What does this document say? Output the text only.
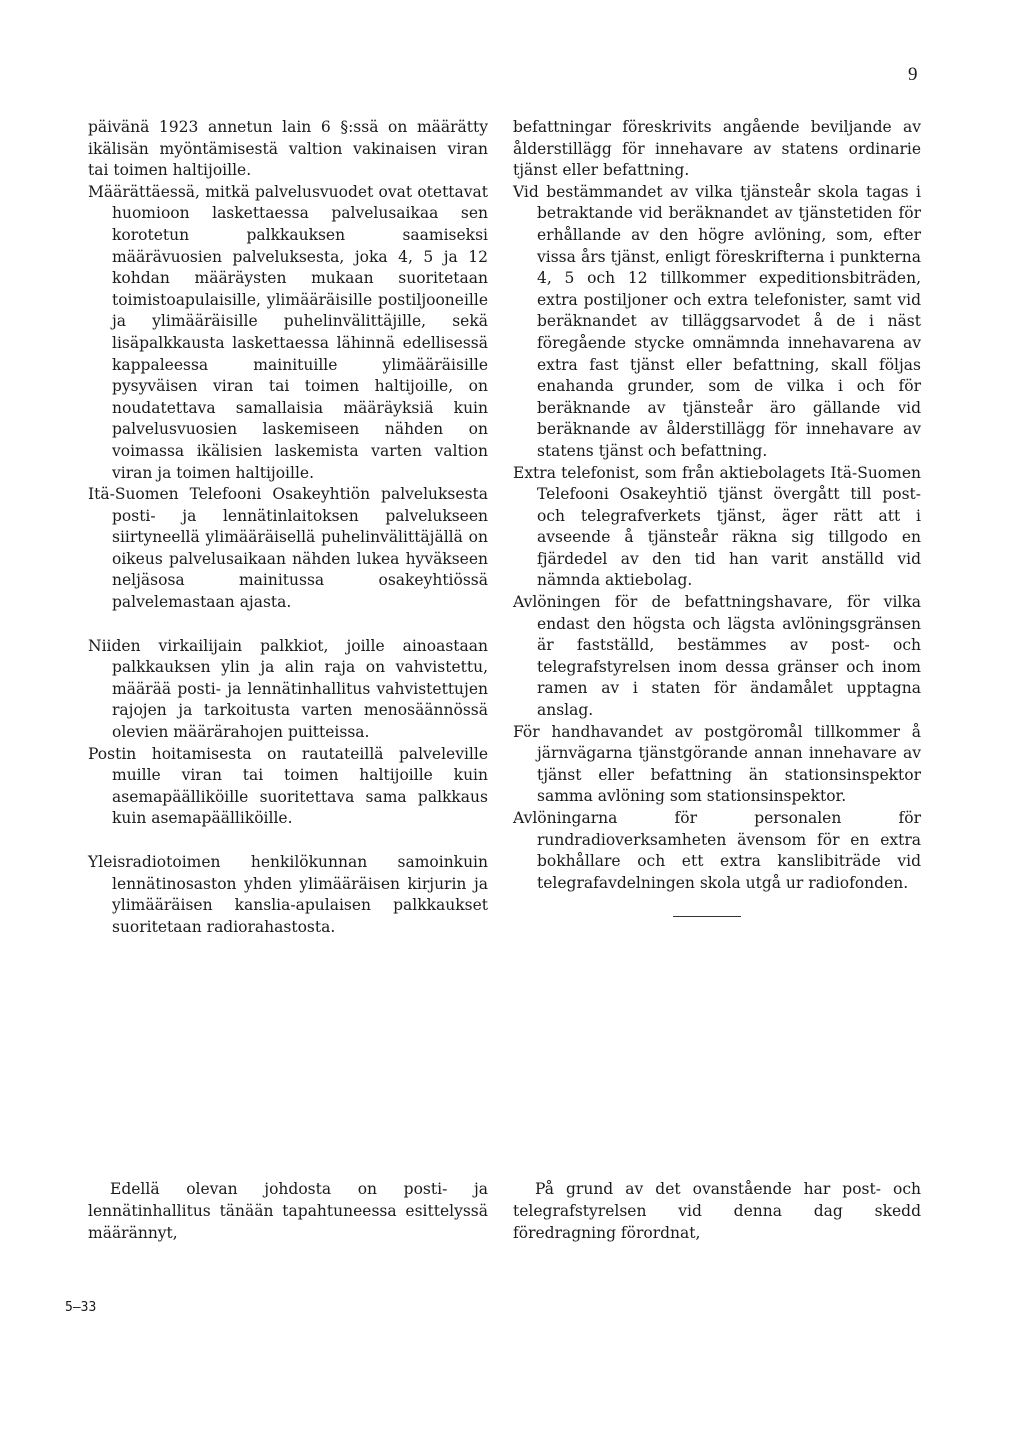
9

päivänä 1923 annetun lain 6 §:ssä on määrätty ikälisän myöntämisestä valtion vakinaisen viran tai toimen haltijoille.

Määrättäessä, mitkä palvelusvuodet ovat otettavat huomioon laskettaessa palvelusaikaa sen korotetun palkkauksen saamiseksi määrävuosien palveluksesta, joka 4, 5 ja 12 kohdan määräysten mukaan suoritetaan toimistoapulaisille, ylimääräisille postiljooneille ja ylimääräisille puhelinvälittäjille, sekä lisäpalkkausta laskettaessa lähinnä edellisessä kappaleessa mainituille ylimääräisille pysyväisen viran tai toimen haltijoille, on noudatettava samallaisia määräyksiä kuin palvelusvuosien laskemiseen nähden on voimassa ikälisien laskemista varten valtion viran ja toimen haltijoille.

Itä-Suomen Telefooni Osakeyhtiön palveluksesta posti- ja lennätinlaitoksen palvelukseen siirtyneellä ylimääräisellä puhelinvälittäjällä on oikeus palvelusaikaan nähden lukea hyväkseen neljäsosa mainitussa osakeyhtiössä palvelemastaan ajasta.

Niiden virkailijain palkkiot, joille ainoastaan palkkauksen ylin ja alin raja on vahvistettu, määrää posti- ja lennätinhallitus vahvistettujen rajojen ja tarkoitusta varten menosäännössä olevien määrärahojen puitteissa.

Postin hoitamisesta on rautateillä palveleville muille viran tai toimen haltijoille kuin asemapäälliköille suoritettava sama palkkaus kuin asemapäälliköille.

Yleisradiotoimen henkilökunnan samoinkuin lennätinosaston yhden ylimääräisen kirjurin ja ylimääräisen kanslia-apulaisen palkkaukset suoritetaan radiorahastosta.

befattningar föreskrivits angående beviljande av ålderstillägg för innehavare av statens ordinarie tjänst eller befattning.

Vid bestämmandet av vilka tjänsteår skola tagas i betraktande vid beräknandet av tjänstetiden för erhållande av den högre avlöning, som, efter vissa års tjänst, enligt föreskrifterna i punkterna 4, 5 och 12 tillkommer expeditionsbiträden, extra postiljoner och extra telefonister, samt vid beräknandet av tilläggsarvodet å de i näst föregående stycke omnämnda innehavarena av extra fast tjänst eller befattning, skall följas enahanda grunder, som de vilka i och för beräknande av tjänsteår äro gällande vid beräknande av ålderstillägg för innehavare av statens tjänst och befattning.

Extra telefonist, som från aktiebolagets Itä-Suomen Telefooni Osakeyhtiö tjänst övergått till post- och telegrafverkets tjänst, äger rätt att i avseende å tjänsteår räkna sig tillgodo en fjärdedel av den tid han varit anställd vid nämnda aktiebolag.

Avlöningen för de befattningshavare, för vilka endast den högsta och lägsta avlöningsgränsen är fastställd, bestämmes av post- och telegrafstyrelsen inom dessa gränser och inom ramen av i staten för ändamålet upptagna anslag.

För handhavandet av postgöromål tillkommer å järnvägarna tjänstgörande annan innehavare av tjänst eller befattning än stationsinspektor samma avlöning som stationsinspektor.

Avlöningarna för personalen för rundradioverksamheten ävensom för en extra bokhållare och ett extra kanslibiträde vid telegrafavdelningen skola utgå ur radiofonden.

Edellä olevan johdosta on posti- ja lennätinhallitus tänään tapahtuneessa esittelyssä määrännyt,

På grund av det ovanstående har post- och telegrafstyrelsen vid denna dag skedd föredragning förordnat,

5—33
